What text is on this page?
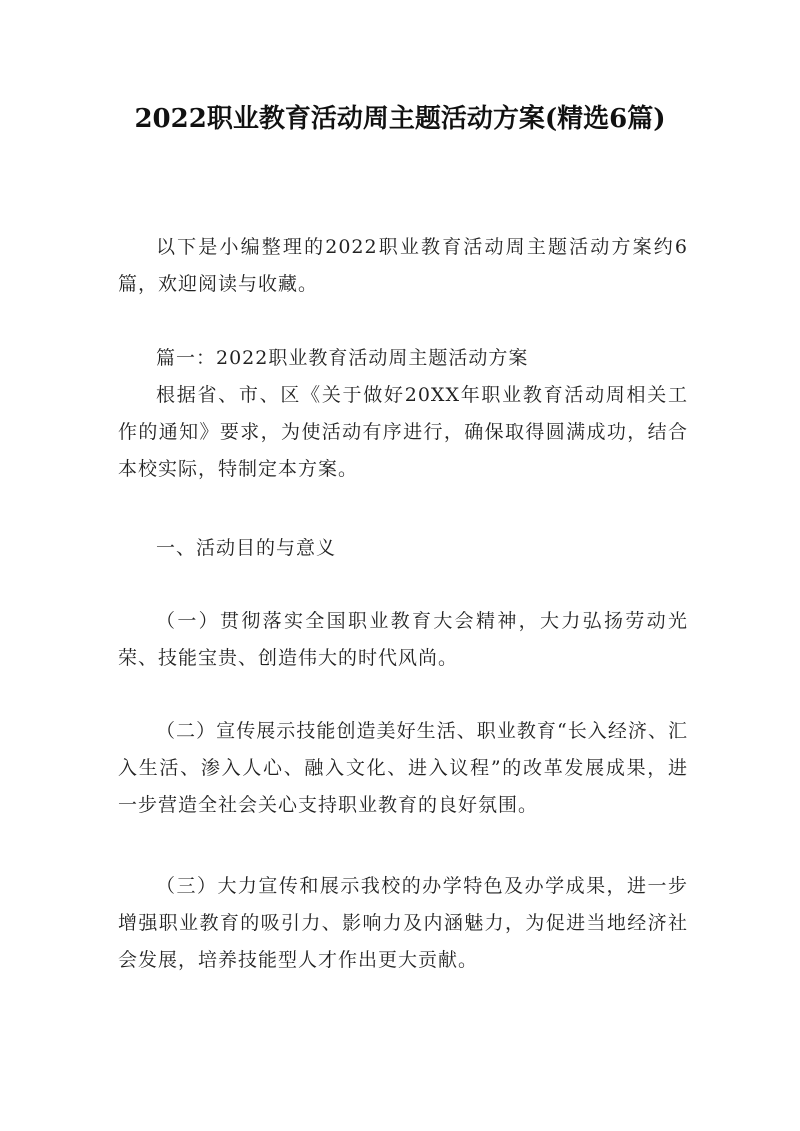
2022职业教育活动周主题活动方案(精选6篇)

以下是小编整理的2022职业教育活动周主题活动方案约6篇，欢迎阅读与收藏。

篇一：2022职业教育活动周主题活动方案

根据省、市、区《关于做好20XX年职业教育活动周相关工作的通知》要求，为使活动有序进行，确保取得圆满成功，结合本校实际，特制定本方案。

一、活动目的与意义

（一）贯彻落实全国职业教育大会精神，大力弘扬劳动光荣、技能宝贵、创造伟大的时代风尚。

（二）宣传展示技能创造美好生活、职业教育“长入经济、汇入生活、渗入人心、融入文化、进入议程”的改革发展成果，进一步营造全社会关心支持职业教育的良好氛围。

（三）大力宣传和展示我校的办学特色及办学成果，进一步增强职业教育的吸引力、影响力及内涵魅力，为促进当地经济社会发展，培养技能型人才作出更大贡献。
